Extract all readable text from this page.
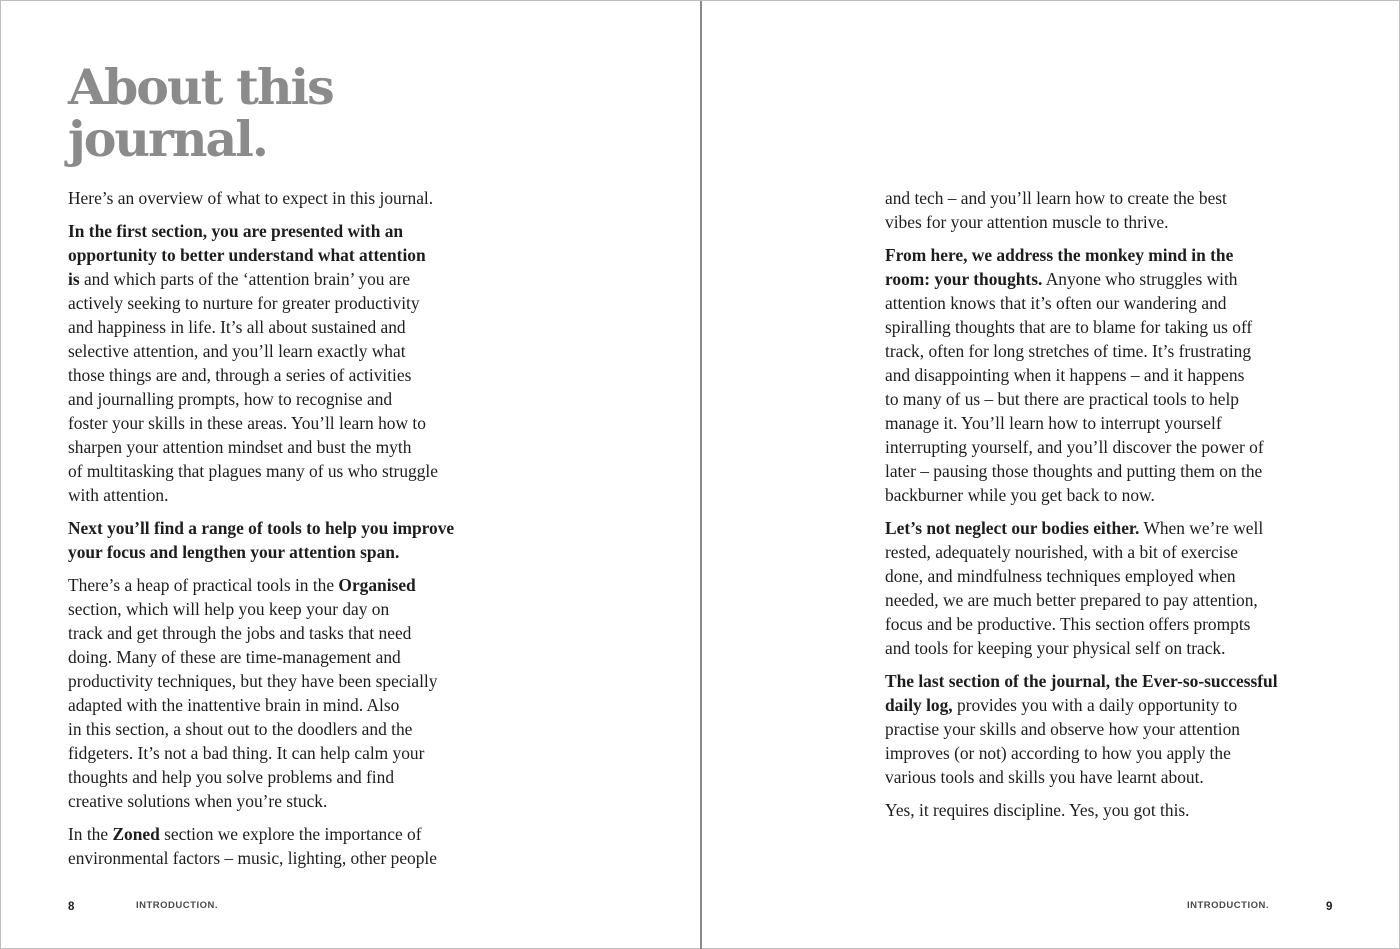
About this
journal.

Here’s an overview of what to expect in this journal.

In the first section, you are presented with an
opportunity to better understand what attention
is and which parts of the ‘attention brain’ you are
actively seeking to nurture for greater productivity
and happiness in life. It’s all about sustained and
selective attention, and you’ll learn exactly what
those things are and, through a series of activities
and journalling prompts, how to recognise and
foster your skills in these areas. You’ll learn how to
sharpen your attention mindset and bust the myth
of multitasking that plagues many of us who struggle
with attention.

Next you’ll find a range of tools to help you improve
your focus and lengthen your attention span.

There’s a heap of practical tools in the Organised
section, which will help you keep your day on
track and get through the jobs and tasks that need
doing. Many of these are time-management and
productivity techniques, but they have been specially
adapted with the inattentive brain in mind. Also
in this section, a shout out to the doodlers and the
fidgeters. It’s not a bad thing. It can help calm your
thoughts and help you solve problems and find
creative solutions when you’re stuck.

In the Zoned section we explore the importance of
environmental factors – music, lighting, other people

8	INTRODUCTION.

and tech – and you’ll learn how to create the best
vibes for your attention muscle to thrive.

From here, we address the monkey mind in the
room: your thoughts. Anyone who struggles with
attention knows that it’s often our wandering and
spiralling thoughts that are to blame for taking us off
track, often for long stretches of time. It’s frustrating
and disappointing when it happens – and it happens
to many of us – but there are practical tools to help
manage it. You’ll learn how to interrupt yourself
interrupting yourself, and you’ll discover the power of
later – pausing those thoughts and putting them on the
backburner while you get back to now.

Let’s not neglect our bodies either. When we’re well
rested, adequately nourished, with a bit of exercise
done, and mindfulness techniques employed when
needed, we are much better prepared to pay attention,
focus and be productive. This section offers prompts
and tools for keeping your physical self on track.

The last section of the journal, the Ever-so-successful
daily log, provides you with a daily opportunity to
practise your skills and observe how your attention
improves (or not) according to how you apply the
various tools and skills you have learnt about.

Yes, it requires discipline. Yes, you got this.

INTRODUCTION.	9
